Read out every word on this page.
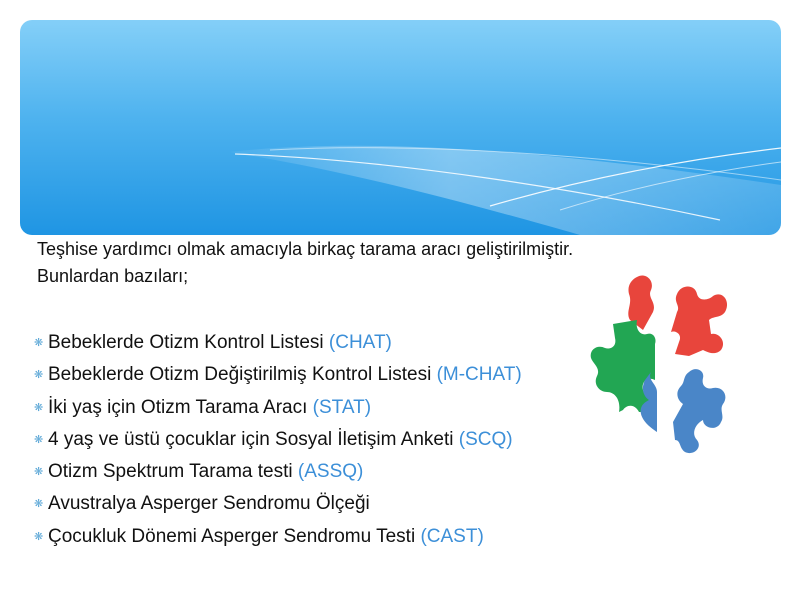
Teşhise yardımcı olmak amacıyla birkaç tarama aracı geliştirilmiştir.
Bunlardan bazıları;
❋ Bebeklerde Otizm Kontrol Listesi (CHAT)
❋ Bebeklerde Otizm Değiştirilmiş Kontrol Listesi (M-CHAT)
❋ İki yaş için Otizm Tarama Aracı (STAT)
❋ 4 yaş ve üstü çocuklar için Sosyal İletişim Anketi (SCQ)
❋ Otizm Spektrum Tarama testi (ASSQ)
❋ Avustralya Asperger Sendromu Ölçeği
❋ Çocukluk Dönemi Asperger Sendromu Testi (CAST)
